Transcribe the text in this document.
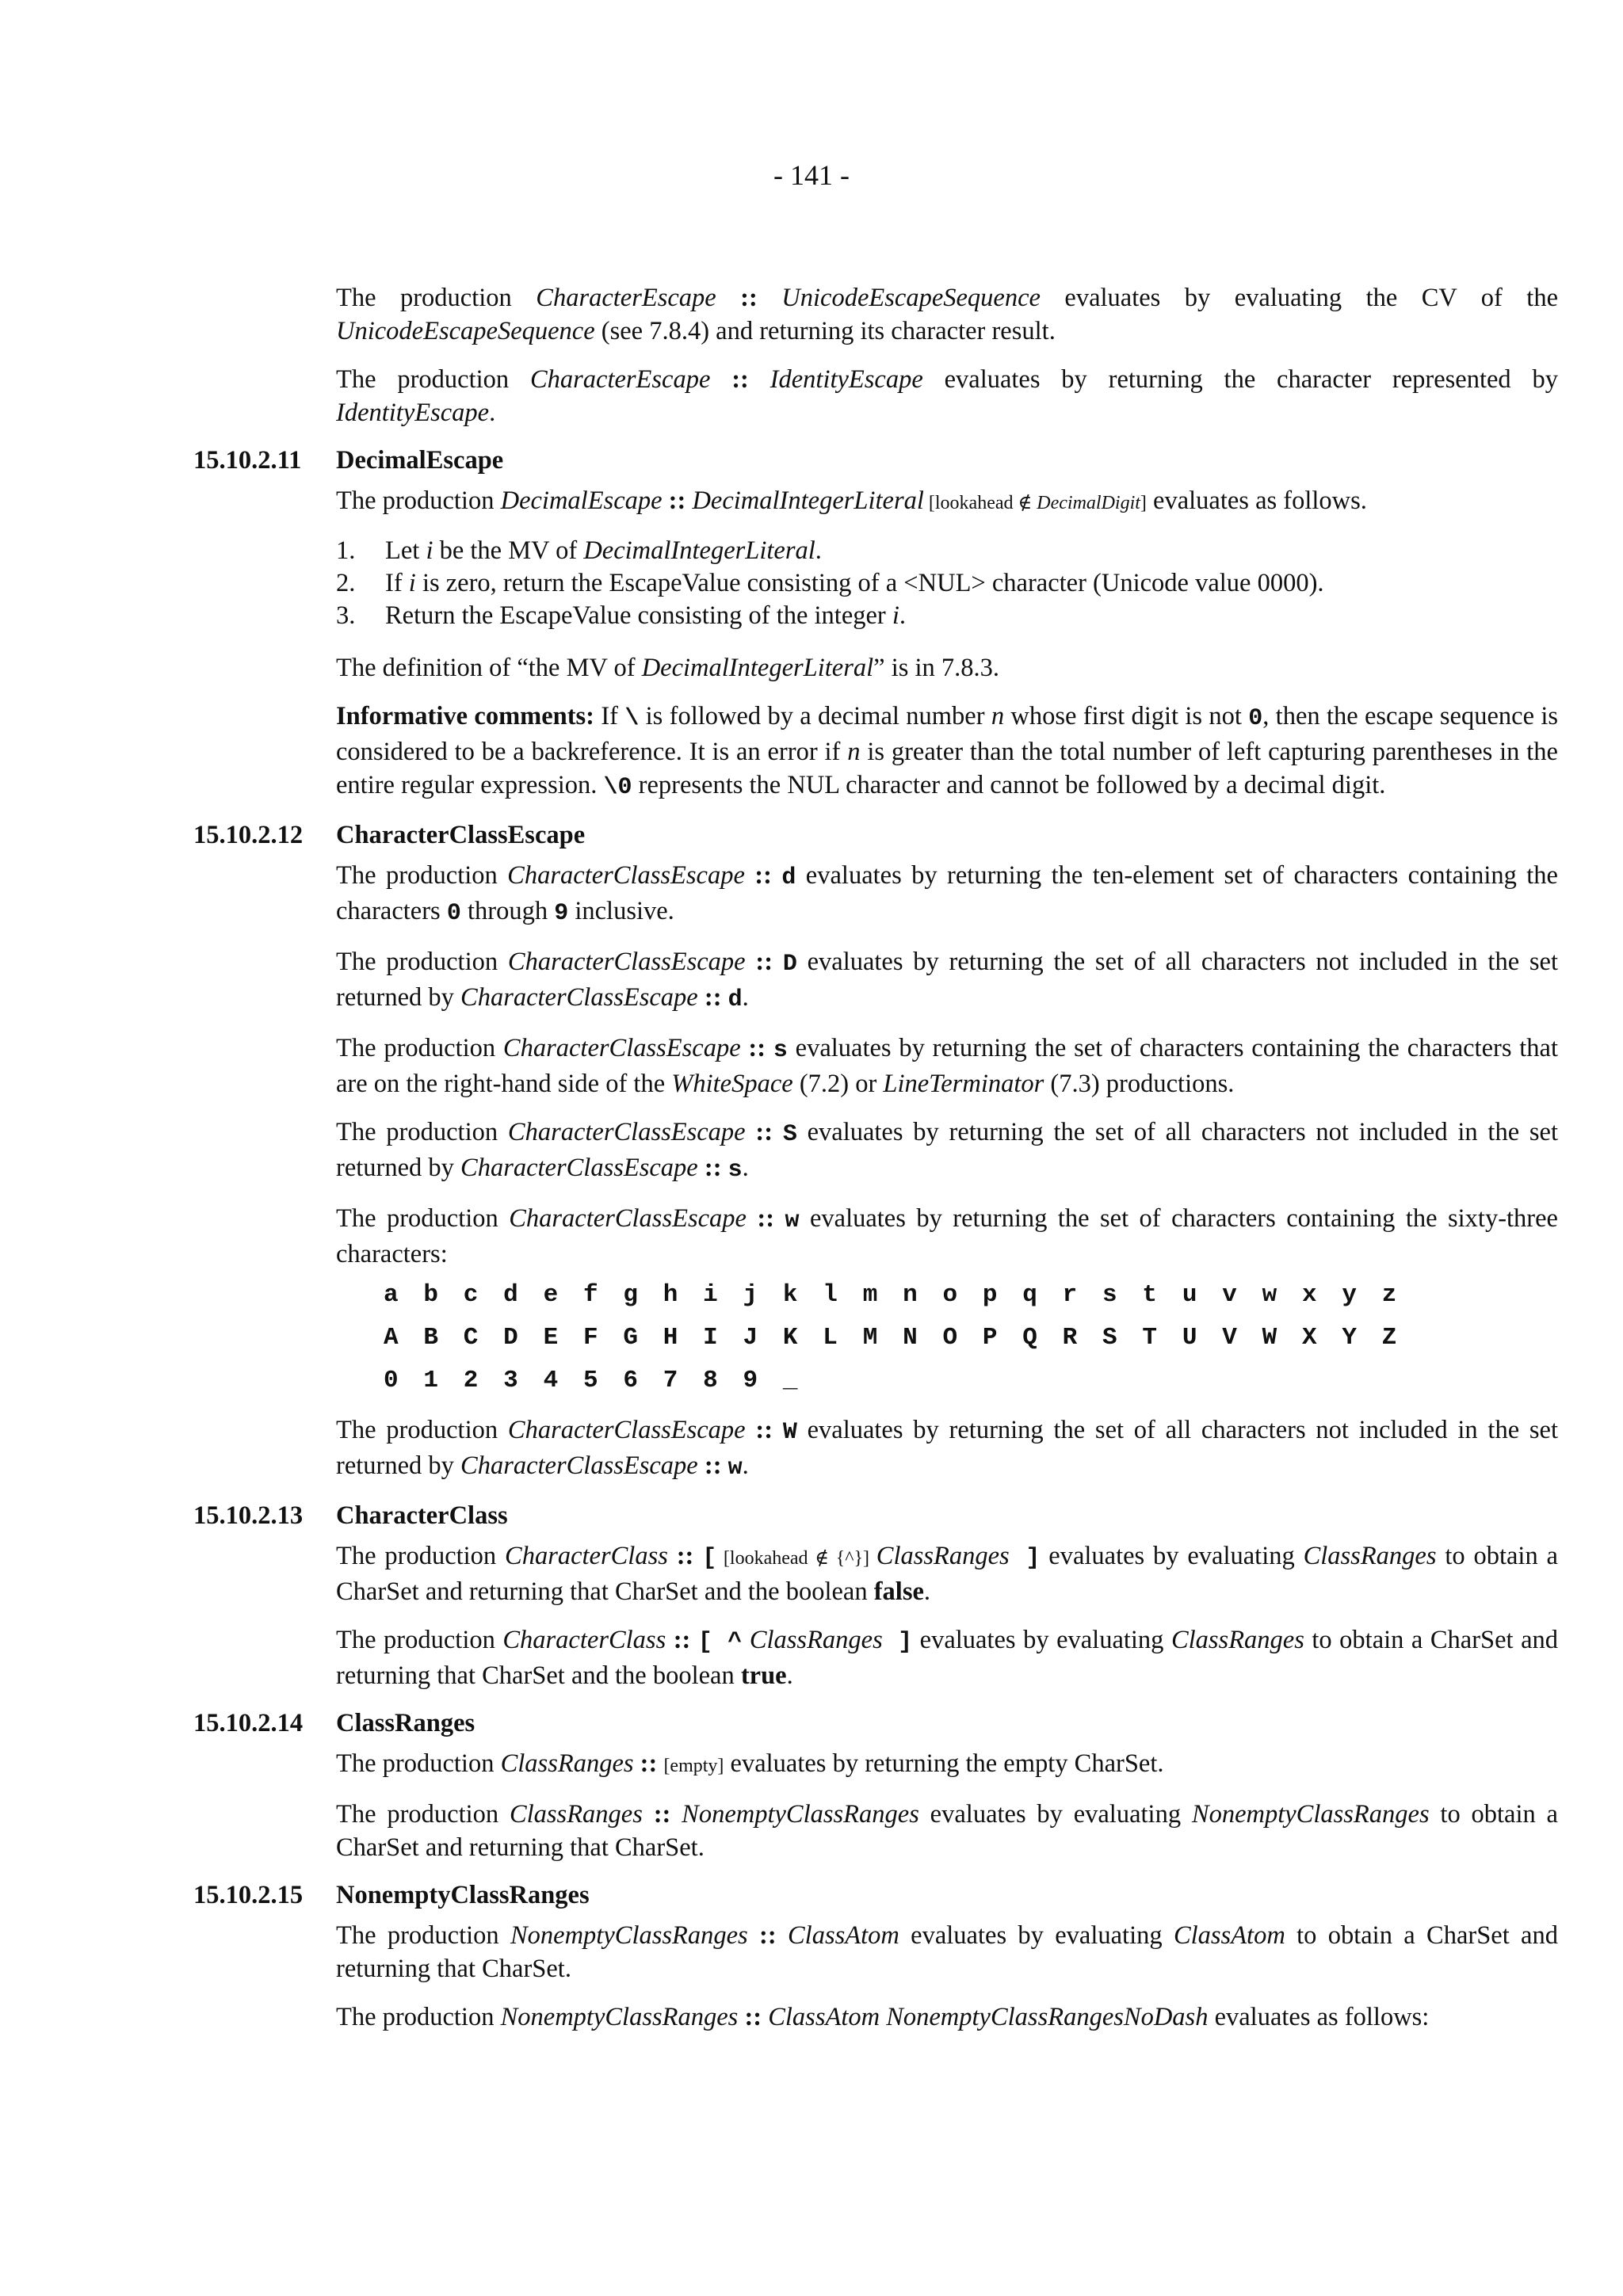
- 141 -

The production CharacterEscape :: UnicodeEscapeSequence evaluates by evaluating the CV of the UnicodeEscapeSequence (see 7.8.4) and returning its character result.

The production CharacterEscape :: IdentityEscape evaluates by returning the character represented by IdentityEscape.

15.10.2.11 DecimalEscape

The production DecimalEscape :: DecimalIntegerLiteral [lookahead ∉ DecimalDigit] evaluates as follows.

1.	Let i be the MV of DecimalIntegerLiteral.
2.	If i is zero, return the EscapeValue consisting of a <NUL> character (Unicode value 0000).
3.	Return the EscapeValue consisting of the integer i.

The definition of “the MV of DecimalIntegerLiteral” is in 7.8.3.

Informative comments: If \ is followed by a decimal number n whose first digit is not 0, then the escape sequence is considered to be a backreference. It is an error if n is greater than the total number of left capturing parentheses in the entire regular expression. \0 represents the NUL character and cannot be followed by a decimal digit.

15.10.2.12 CharacterClassEscape

The production CharacterClassEscape :: d evaluates by returning the ten-element set of characters containing the characters 0 through 9 inclusive.

The production CharacterClassEscape :: D evaluates by returning the set of all characters not included in the set returned by CharacterClassEscape :: d.

The production CharacterClassEscape :: s evaluates by returning the set of characters containing the characters that are on the right-hand side of the WhiteSpace (7.2) or LineTerminator (7.3) productions.

The production CharacterClassEscape :: S evaluates by returning the set of all characters not included in the set returned by CharacterClassEscape :: s.

The production CharacterClassEscape :: w evaluates by returning the set of characters containing the sixty-three characters:

a b c d e f g h i j k l m n o p q r s t u v w x y z
A B C D E F G H I J K L M N O P Q R S T U V W X Y Z
0 1 2 3 4 5 6 7 8 9 _

The production CharacterClassEscape :: W evaluates by returning the set of all characters not included in the set returned by CharacterClassEscape :: w.

15.10.2.13 CharacterClass

The production CharacterClass :: [ [lookahead ∉ {^}] ClassRanges ] evaluates by evaluating ClassRanges to obtain a CharSet and returning that CharSet and the boolean false.

The production CharacterClass :: [ ^ ClassRanges ] evaluates by evaluating ClassRanges to obtain a CharSet and returning that CharSet and the boolean true.

15.10.2.14 ClassRanges

The production ClassRanges :: [empty] evaluates by returning the empty CharSet.

The production ClassRanges :: NonemptyClassRanges evaluates by evaluating NonemptyClassRanges to obtain a CharSet and returning that CharSet.

15.10.2.15 NonemptyClassRanges

The production NonemptyClassRanges :: ClassAtom evaluates by evaluating ClassAtom to obtain a CharSet and returning that CharSet.

The production NonemptyClassRanges :: ClassAtom NonemptyClassRangesNoDash evaluates as follows:
